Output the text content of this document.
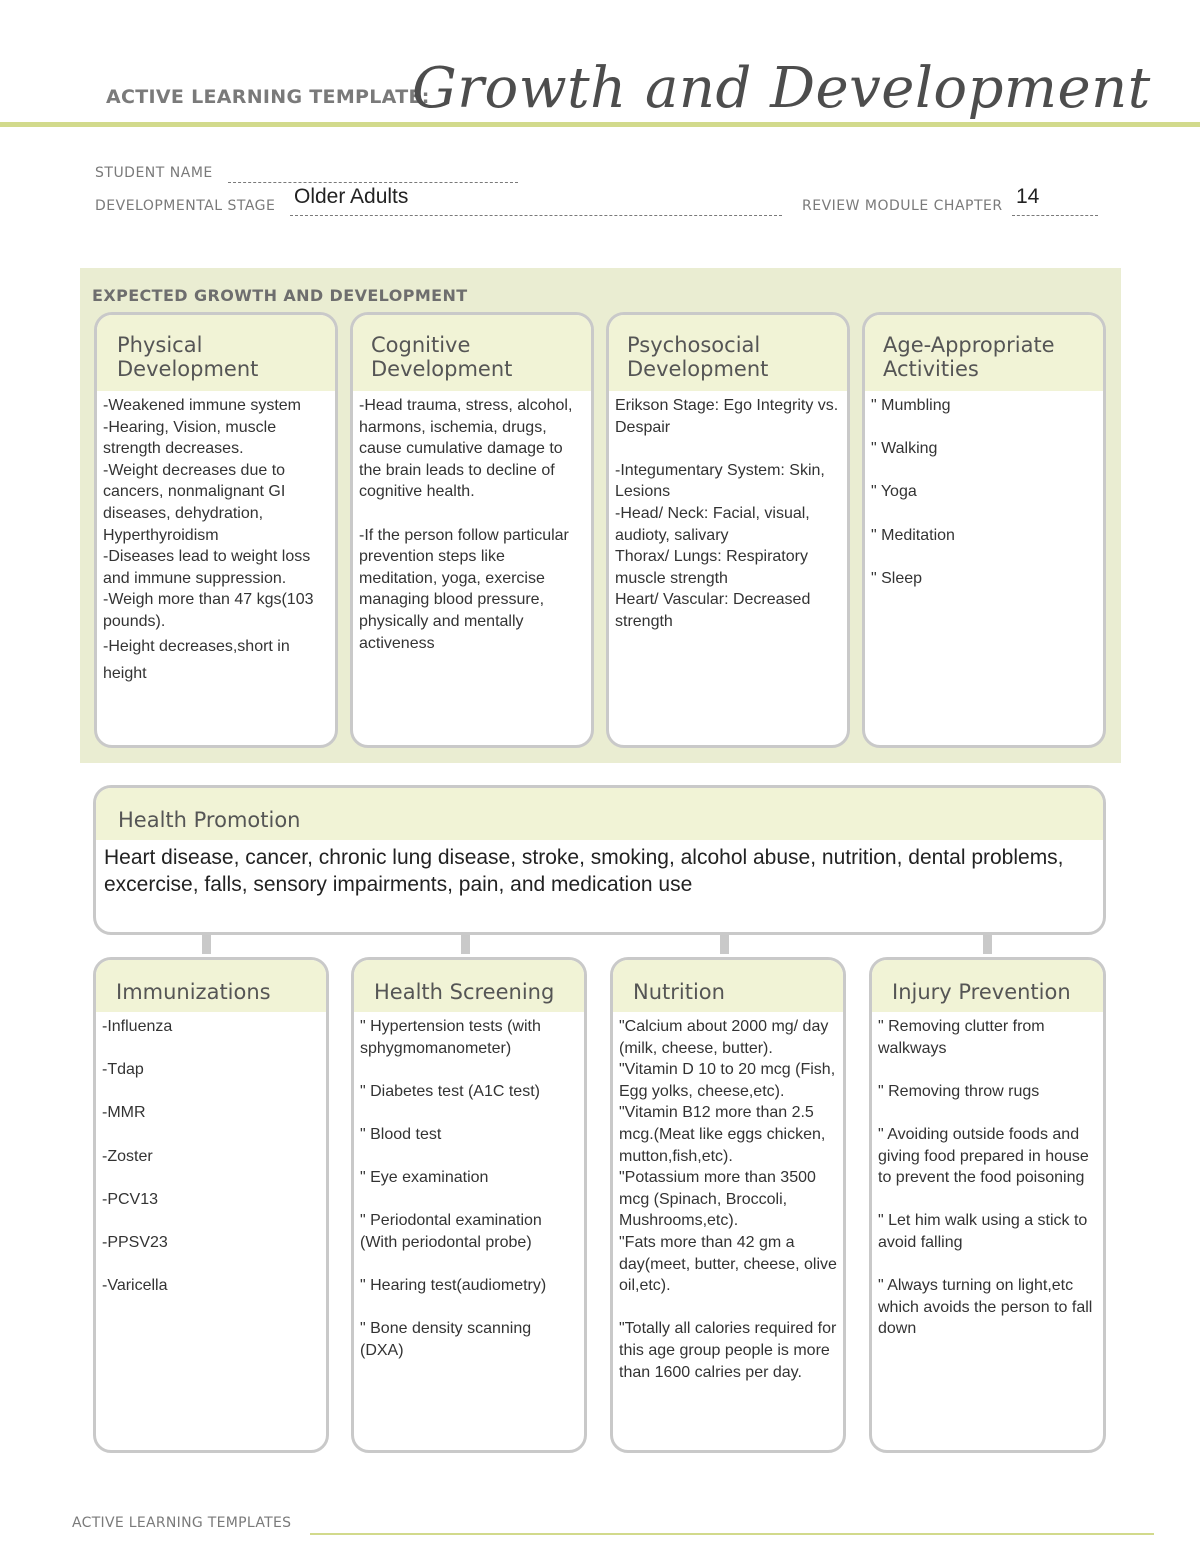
ACTIVE LEARNING TEMPLATE:
Growth and Development
STUDENT NAME
DEVELOPMENTAL STAGE Older Adults	REVIEW MODULE CHAPTER 14
EXPECTED GROWTH AND DEVELOPMENT
Physical
Development

-Weakened immune system

-Hearing, Vision, muscle strength decreases.

-Weight decreases due to cancers, nonmalignant GI diseases, dehydration, Hyperthyroidism

-Diseases lead to weight loss and immune suppression.

-Weigh more than 47 kgs(103 pounds).

-Height decreases,short in height

Cognitive
Development

-Head trauma, stress, alcohol, harmons, ischemia, drugs, cause cumulative damage to the brain leads to decline of cognitive health.

-If the person follow particular prevention steps like meditation, yoga, exercise managing blood pressure, physically and mentally activeness

Psychosocial
Development

Erikson Stage: Ego Integrity vs. Despair

-Integumentary System: Skin, Lesions

-Head/ Neck: Facial, visual, audioty, salivary

Thorax/ Lungs: Respiratory muscle strength

Heart/ Vascular: Decreased strength

Age-Appropriate
Activities

" Mumbling

" Walking

" Yoga

" Meditation

" Sleep

Health Promotion
Heart disease, cancer, chronic lung disease, stroke, smoking, alcohol abuse, nutrition, dental problems, excercise, falls, sensory impairments, pain, and medication use
Immunizations

-Influenza

-Tdap

-MMR

-Zoster

-PCV13

-PPSV23

-Varicella

Health Screening

" Hypertension tests (with sphygmomanometer)

" Diabetes test (A1C test)

" Blood test

" Eye examination

" Periodontal examination (With periodontal probe)

" Hearing test(audiometry)

" Bone density scanning (DXA)

Nutrition

"Calcium about 2000 mg/ day (milk, cheese, butter).

"Vitamin D 10 to 20 mcg (Fish, Egg yolks, cheese,etc).

"Vitamin B12 more than 2.5 mcg.(Meat like eggs chicken, mutton,fish,etc).

"Potassium more than 3500 mcg (Spinach, Broccoli, Mushrooms,etc).

"Fats more than 42 gm a day(meet, butter, cheese, olive oil,etc).

"Totally all calories required for this age group people is more than 1600 calries per day.

Injury Prevention

" Removing clutter from walkways

" Removing throw rugs

" Avoiding outside foods and giving food prepared in house to prevent the food poisoning

" Let him walk using a stick to avoid falling

" Always turning on light,etc which avoids the person to fall down

ACTIVE LEARNING TEMPLATES
